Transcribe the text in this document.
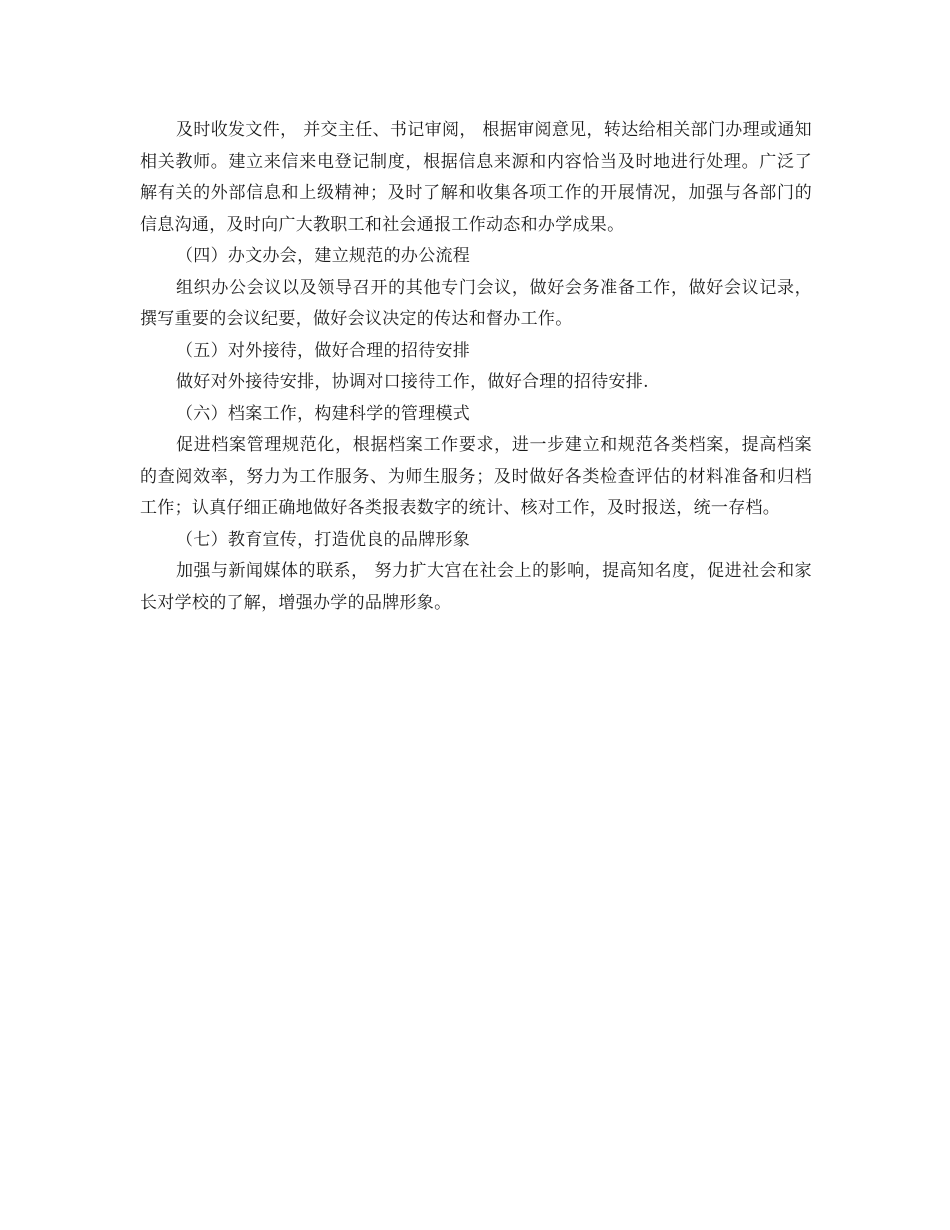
及时收发文件， 并交主任、书记审阅， 根据审阅意见，转达给相关部门办理或通知相关教师。建立来信来电登记制度，根据信息来源和内容恰当及时地进行处理。广泛了解有关的外部信息和上级精神；及时了解和收集各项工作的开展情况，加强与各部门的信息沟通，及时向广大教职工和社会通报工作动态和办学成果。

（四）办文办会，建立规范的办公流程

组织办公会议以及领导召开的其他专门会议，做好会务准备工作，做好会议记录，撰写重要的会议纪要，做好会议决定的传达和督办工作。

（五）对外接待，做好合理的招待安排

做好对外接待安排，协调对口接待工作，做好合理的招待安排.

（六）档案工作，构建科学的管理模式

促进档案管理规范化，根据档案工作要求，进一步建立和规范各类档案，提高档案的查阅效率，努力为工作服务、为师生服务；及时做好各类检查评估的材料准备和归档工作；认真仔细正确地做好各类报表数字的统计、核对工作，及时报送，统一存档。

（七）教育宣传，打造优良的品牌形象

加强与新闻媒体的联系， 努力扩大宫在社会上的影响，提高知名度，促进社会和家长对学校的了解，增强办学的品牌形象。
